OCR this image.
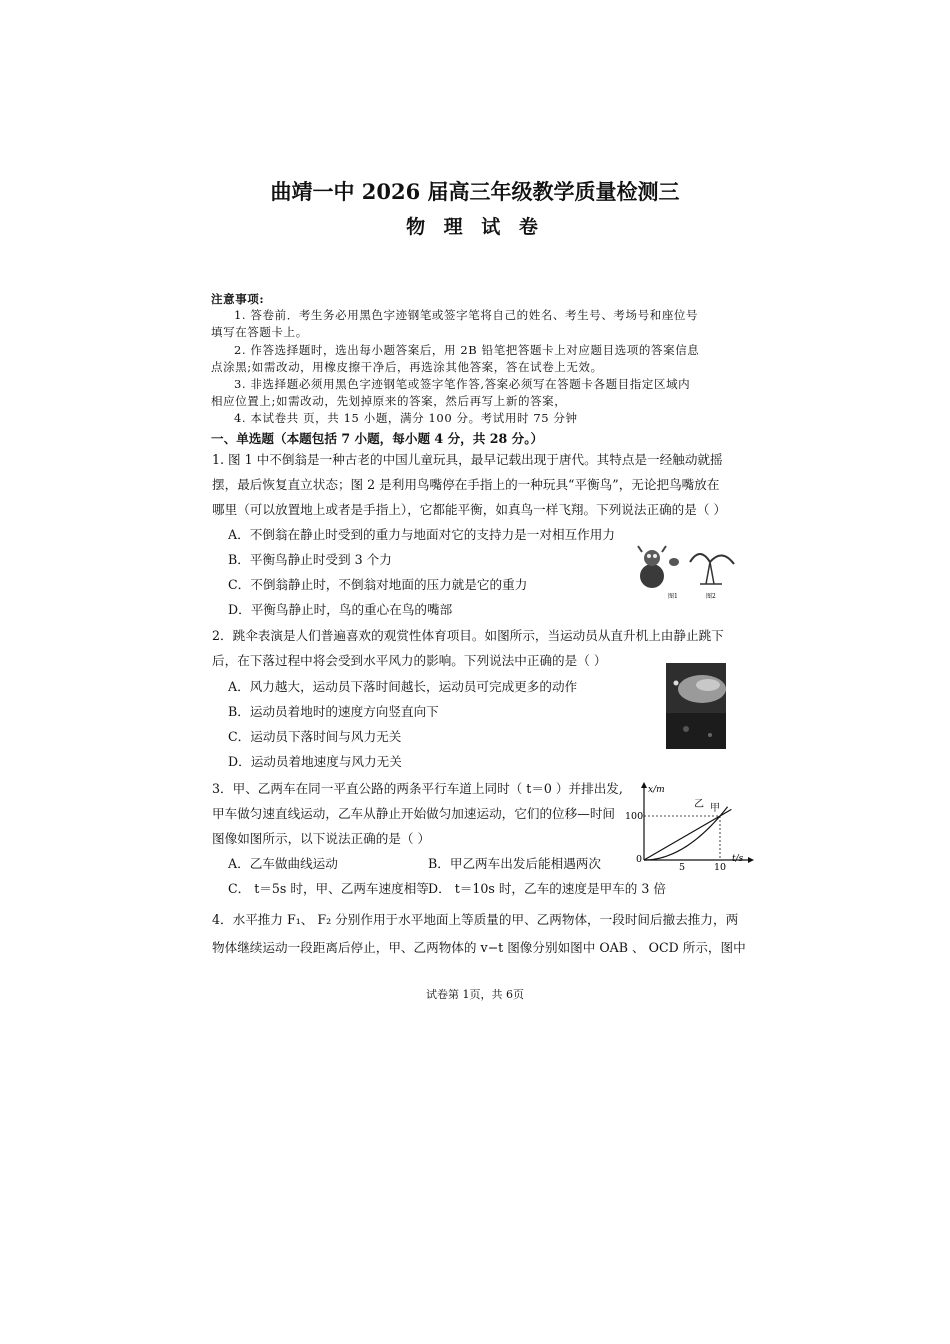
曲靖一中 2026 届高三年级教学质量检测三
物 理 试 卷
注意事项:
1. 答卷前．考生务必用黑色字迹钢笔或签字笔将自己的姓名、考生号、考场号和座位号
填写在答题卡上。
2. 作答选择题时，选出每小题答案后，用 2B 铅笔把答题卡上对应题目选项的答案信息
点涂黑;如需改动，用橡皮擦干净后，再选涂其他答案，答在试卷上无效。
3. 非选择题必须用黑色字迹钢笔或签字笔作答,答案必须写在答题卡各题目指定区域内
相应位置上;如需改动，先划掉原来的答案，然后再写上新的答案，
4. 本试卷共 页，共 15 小题，满分 100 分。考试用时 75 分钟
一、单选题（本题包括 7 小题，每小题 4 分，共 28 分。）
1. 图 1 中不倒翁是一种古老的中国儿童玩具，最早记载出现于唐代。其特点是一经触动就摇
摆，最后恢复直立状态；图 2 是利用鸟嘴停在手指上的一种玩具“平衡鸟”，无论把鸟嘴放在
哪里（可以放置地上或者是手指上），它都能平衡，如真鸟一样飞翔。下列说法正确的是（ ）
A．不倒翁在静止时受到的重力与地面对它的支持力是一对相互作用力
B．平衡鸟静止时受到 3 个力
C．不倒翁静止时，不倒翁对地面的压力就是它的重力
D．平衡鸟静止时，鸟的重心在鸟的嘴部
图1	图2
2．跳伞表演是人们普遍喜欢的观赏性体育项目。如图所示，当运动员从直升机上由静止跳下
后，在下落过程中将会受到水平风力的影响。下列说法中正确的是（ ）
A．风力越大，运动员下落时间越长，运动员可完成更多的动作
B．运动员着地时的速度方向竖直向下
C．运动员下落时间与风力无关
D．运动员着地速度与风力无关
3．甲、乙两车在同一平直公路的两条平行车道上同时（ t＝0 ）并排出发,
甲车做匀速直线运动，乙车从静止开始做匀加速运动，它们的位移—时间
图像如图所示，以下说法正确的是（ ）
A．乙车做曲线运动	B．甲乙两车出发后能相遇两次
C． t＝5s 时，甲、乙两车速度相等 D． t＝10s 时，乙车的速度是甲车的 3 倍
x/m
t/s
100
5	10
0
乙 甲
4．水平推力 F₁、 F₂ 分别作用于水平地面上等质量的甲、乙两物体，一段时间后撤去推力，两
物体继续运动一段距离后停止，甲、乙两物体的 v−t 图像分别如图中 OAB 、 OCD 所示，图中
试卷第 1页，共 6页
